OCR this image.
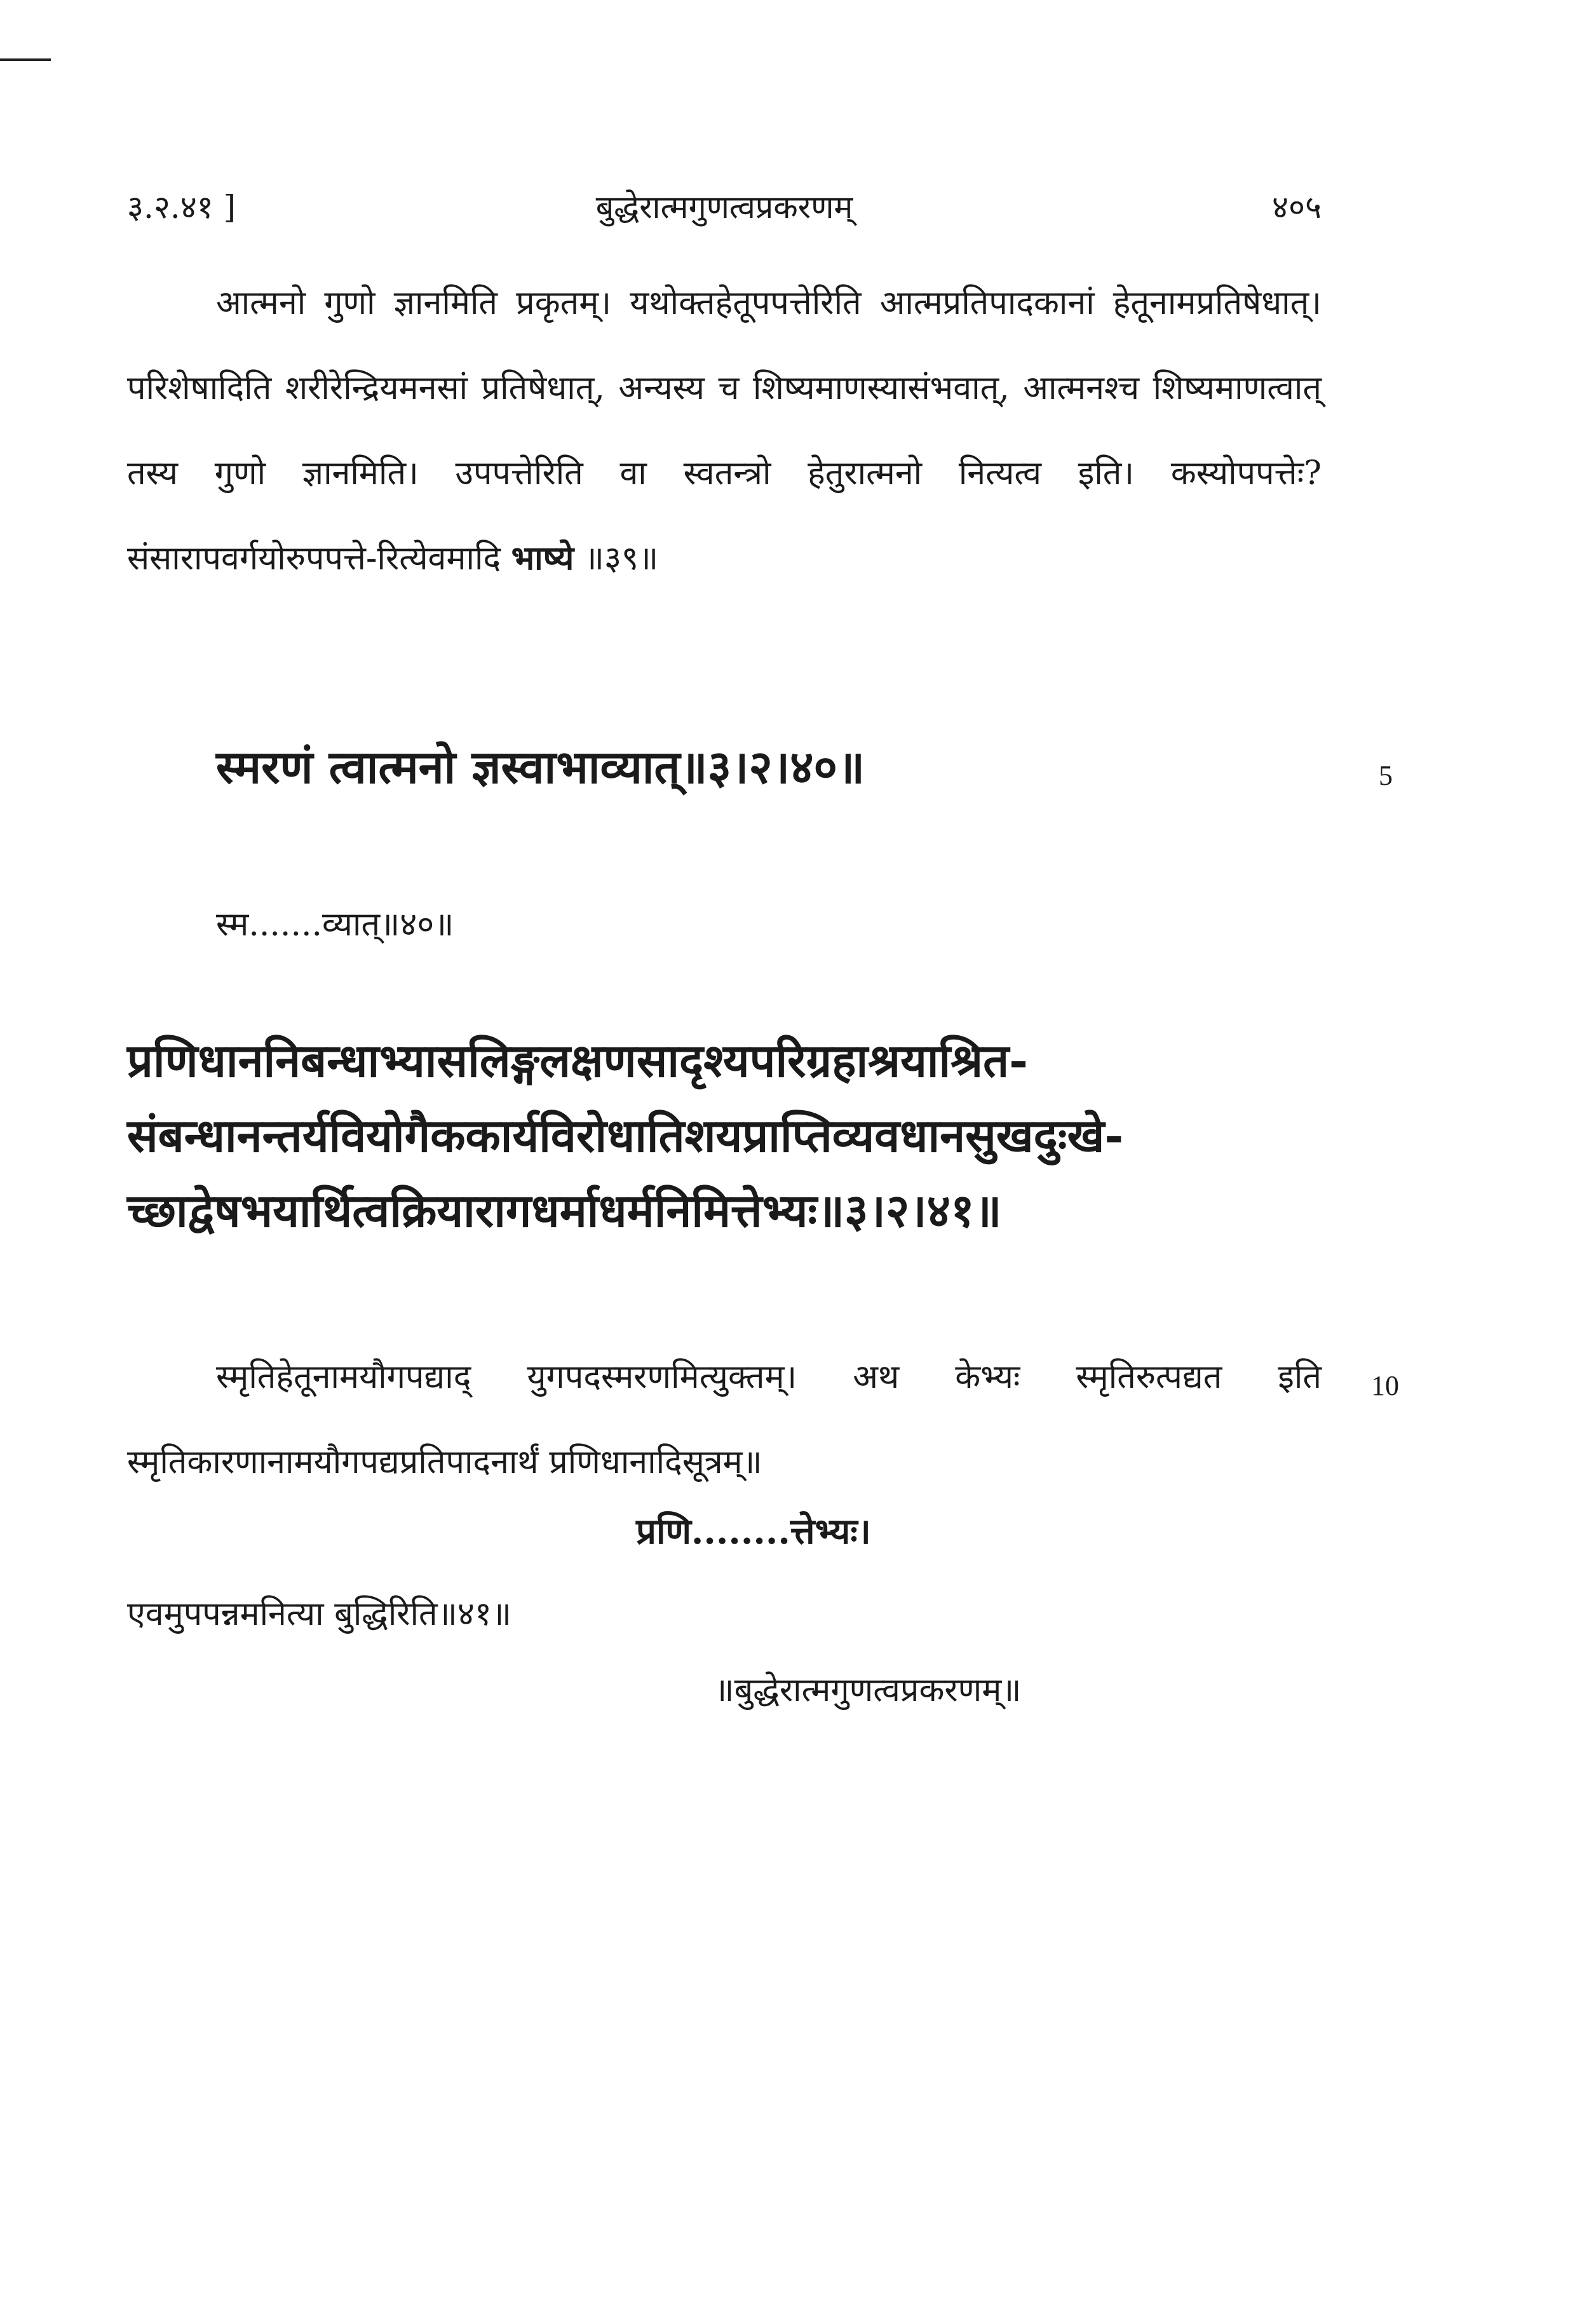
३.२.४१ ]	बुद्धेरात्मगुणत्वप्रकरणम्	४०५
आत्मनो गुणो ज्ञानमिति प्रकृतम्। यथोक्तहेतूपपत्तेरिति आत्मप्रतिपादकानां हेतूनामप्रतिषेधात्। परिशेषादिति शरीरेन्द्रियमनसां प्रतिषेधात्, अन्यस्य च शिष्यमाणस्यासंभवात्, आत्मनश्च शिष्यमाणत्वात् तस्य गुणो ज्ञानमिति। उपपत्तेरिति वा स्वतन्त्रो हेतुरात्मनो नित्यत्व इति। कस्योपपत्तेः? संसारापवर्गयोरुपपत्ते-रित्येवमादि भाष्ये ॥३९॥
स्मरणं त्वात्मनो ज्ञस्वाभाव्यात्॥३।२।४०॥	5
स्म.......व्यात्॥४०॥
प्रणिधाननिबन्धाभ्यासलिङ्गलक्षणसादृश्यपरिग्रहाश्रयाश्रित-संबन्धानन्तर्यवियोगैककार्यविरोधातिशयप्राप्तिव्यवधानसुखदुःखे-च्छाद्वेषभयार्थित्वक्रियारागधर्माधर्मनिमित्तेभ्यः॥३।२।४१॥
स्मृतिहेतूनामयौगपद्याद् युगपदस्मरणमित्युक्तम्। अथ केभ्यः स्मृतिरुत्पद्यत इति स्मृतिकारणानामयौगपद्यप्रतिपादनार्थं प्रणिधानादिसूत्रम्॥
10
प्रणि........त्तेभ्यः।
एवमुपपन्नमनित्या बुद्धिरिति॥४१॥
॥बुद्धेरात्मगुणत्वप्रकरणम्॥
